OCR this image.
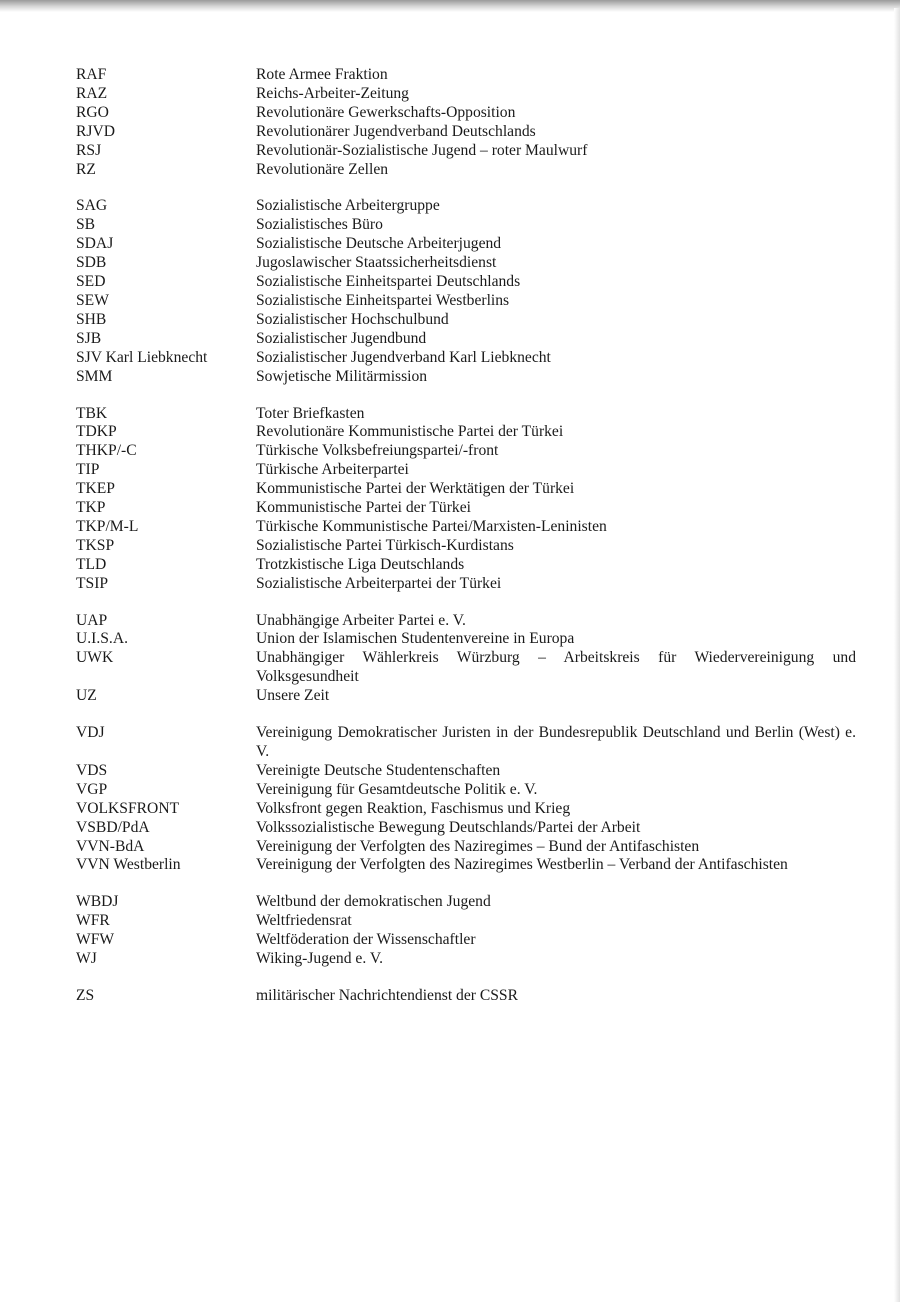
RAF	Rote Armee Fraktion
RAZ	Reichs-Arbeiter-Zeitung
RGO	Revolutionäre Gewerkschafts-Opposition
RJVD	Revolutionärer Jugendverband Deutschlands
RSJ	Revolutionär-Sozialistische Jugend – roter Maulwurf
RZ	Revolutionäre Zellen
SAG	Sozialistische Arbeitergruppe
SB	Sozialistisches Büro
SDAJ	Sozialistische Deutsche Arbeiterjugend
SDB	Jugoslawischer Staatssicherheitsdienst
SED	Sozialistische Einheitspartei Deutschlands
SEW	Sozialistische Einheitspartei Westberlins
SHB	Sozialistischer Hochschulbund
SJB	Sozialistischer Jugendbund
SJV Karl Liebknecht	Sozialistischer Jugendverband Karl Liebknecht
SMM	Sowjetische Militärmission
TBK	Toter Briefkasten
TDKP	Revolutionäre Kommunistische Partei der Türkei
THKP/-C	Türkische Volksbefreiungspartei/-front
TIP	Türkische Arbeiterpartei
TKEP	Kommunistische Partei der Werktätigen der Türkei
TKP	Kommunistische Partei der Türkei
TKP/M-L	Türkische Kommunistische Partei/Marxisten-Leninisten
TKSP	Sozialistische Partei Türkisch-Kurdistans
TLD	Trotzkistische Liga Deutschlands
TSIP	Sozialistische Arbeiterpartei der Türkei
UAP	Unabhängige Arbeiter Partei e. V.
U.I.S.A.	Union der Islamischen Studentenvereine in Europa
UWK	Unabhängiger Wählerkreis Würzburg – Arbeitskreis für Wiedervereinigung und Volksgesundheit
UZ	Unsere Zeit
VDJ	Vereinigung Demokratischer Juristen in der Bundesrepublik Deutschland und Berlin (West) e. V.
VDS	Vereinigte Deutsche Studentenschaften
VGP	Vereinigung für Gesamtdeutsche Politik e. V.
VOLKSFRONT	Volksfront gegen Reaktion, Faschismus und Krieg
VSBD/PdA	Volkssozialistische Bewegung Deutschlands/Partei der Arbeit
VVN-BdA	Vereinigung der Verfolgten des Naziregimes – Bund der Antifaschisten
VVN Westberlin	Vereinigung der Verfolgten des Naziregimes Westberlin – Verband der Antifaschisten
WBDJ	Weltbund der demokratischen Jugend
WFR	Weltfriedensrat
WFW	Weltföderation der Wissenschaftler
WJ	Wiking-Jugend e. V.
ZS	militärischer Nachrichtendienst der CSSR
